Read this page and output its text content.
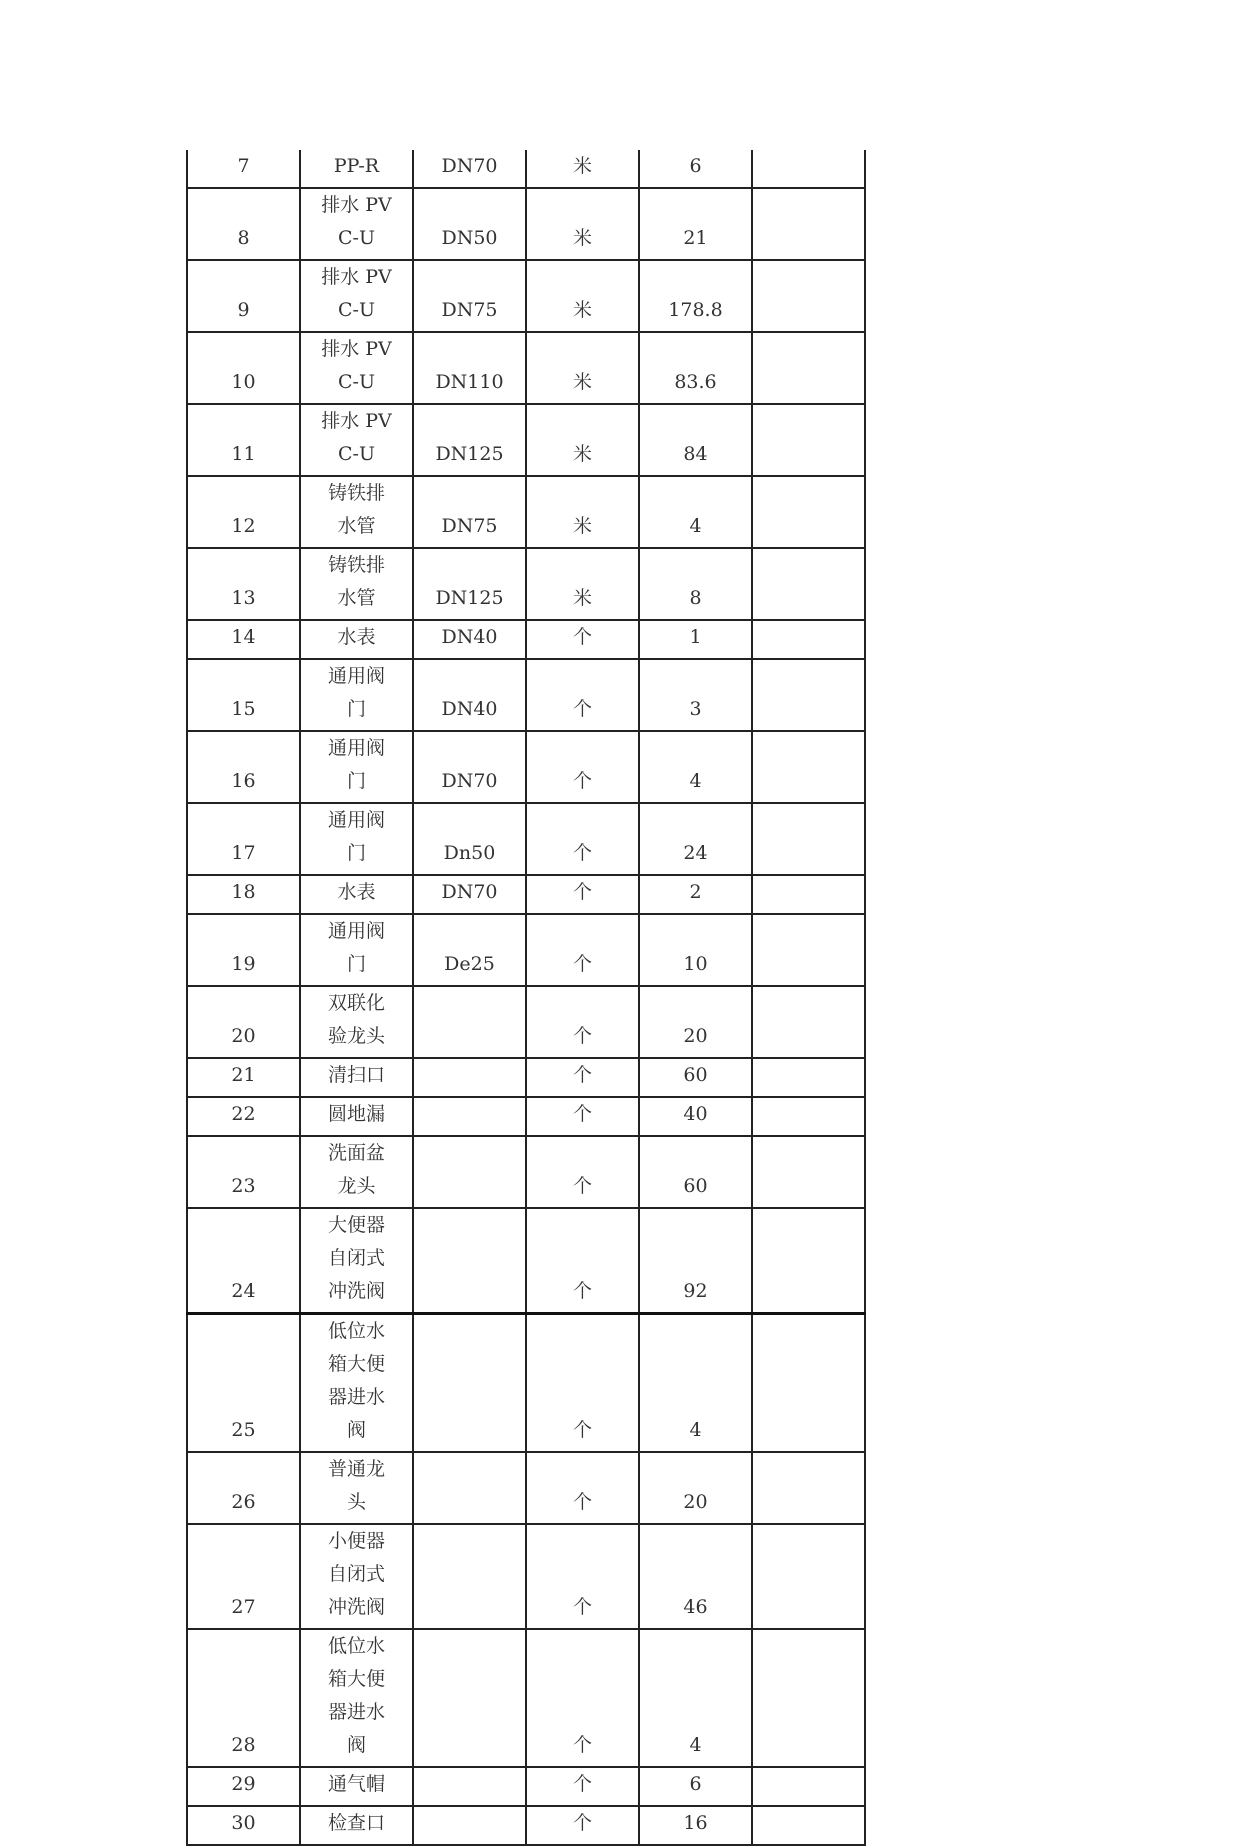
7	PP-R	DN70	米	6	
8	排水 PVC-U	DN50	米	21	
9	排水 PVC-U	DN75	米	178.8	
10	排水 PVC-U	DN110	米	83.6	
11	排水 PVC-U	DN125	米	84	
12	铸铁排水管	DN75	米	4	
13	铸铁排水管	DN125	米	8	
14	水表	DN40	个	1	
15	通用阀门	DN40	个	3	
16	通用阀门	DN70	个	4	
17	通用阀门	Dn50	个	24	
18	水表	DN70	个	2	
19	通用阀门	De25	个	10	
20	双联化验龙头		个	20	
21	清扫口		个	60	
22	圆地漏		个	40	
23	洗面盆龙头		个	60	
24	大便器自闭式冲洗阀		个	92	
25	低位水箱大便器进水阀		个	4	
26	普通龙头		个	20	
27	小便器自闭式冲洗阀		个	46	
28	低位水箱大便器进水阀		个	4	
29	通气帽		个	6	
30	检查口		个	16	
